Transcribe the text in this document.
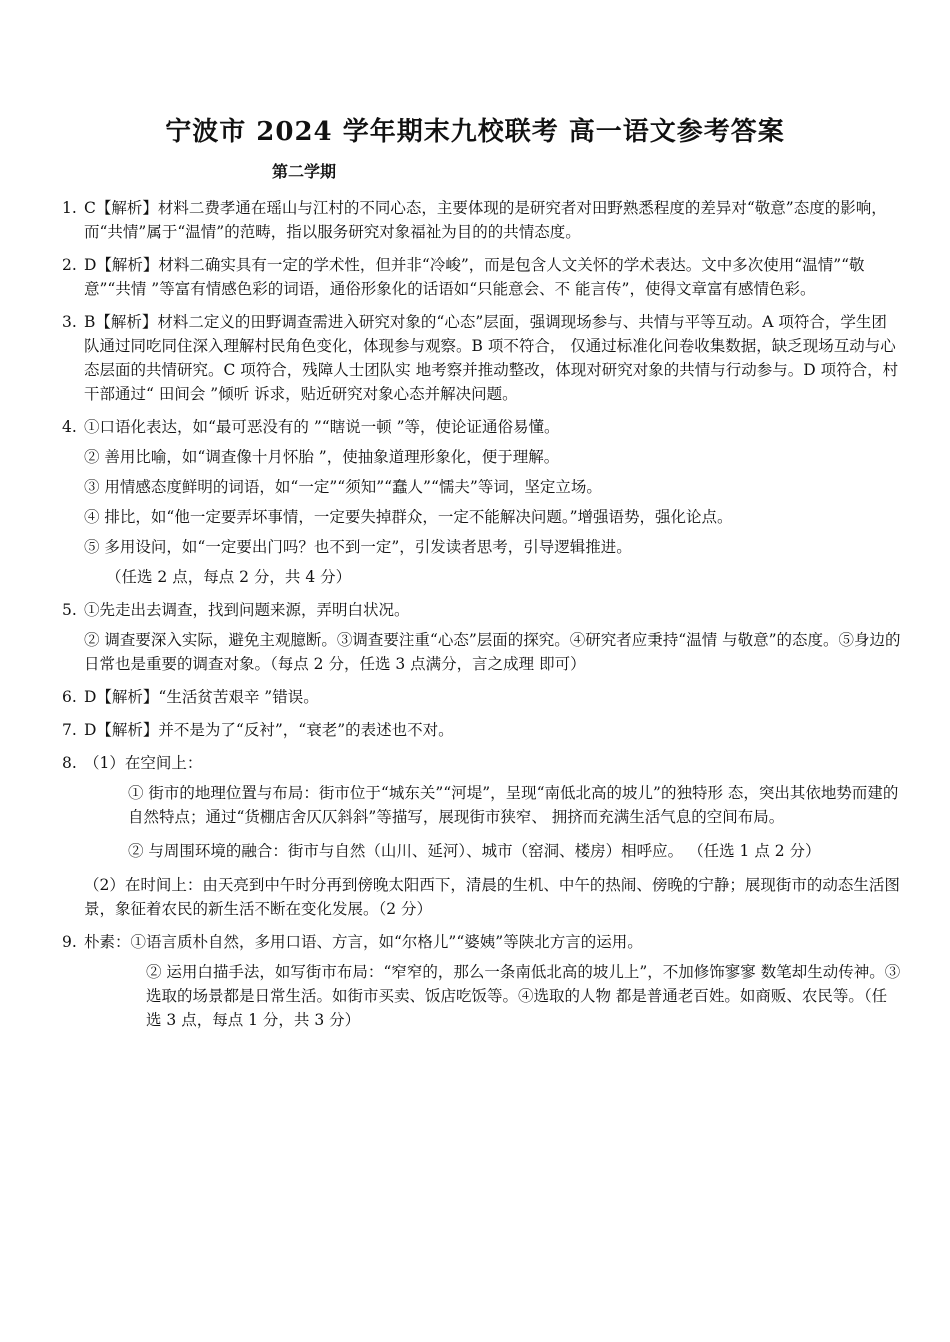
宁波市 2024 学年期末九校联考 高一语文参考答案
第二学期
1. C【解析】材料二费孝通在瑶山与江村的不同心态，主要体现的是研究者对田野熟悉程度的差异对“敬意”态度的影响，而“共情”属于“温情”的范畴，指以服务研究对象福祉为目的的共情态度。
2. D【解析】材料二确实具有一定的学术性，但并非“冷峻”，而是包含人文关怀的学术表达。文中多次使用“温情”“敬意”“共情 ”等富有情感色彩的词语，通俗形象化的话语如“只能意会、不 能言传”，使得文章富有感情色彩。
3. B【解析】材料二定义的田野调查需进入研究对象的“心态”层面，强调现场参与、共情与平等互动。A 项符合，学生团队通过同吃同住深入理解村民角色变化，体现参与观察。B 项不符合， 仅通过标准化问卷收集数据，缺乏现场互动与心态层面的共情研究。C 项符合，残障人士团队实 地考察并推动整改，体现对研究对象的共情与行动参与。D 项符合，村干部通过“ 田间会 ”倾听 诉求，贴近研究对象心态并解决问题。
4. ①口语化表达，如“最可恶没有的 ”“瞎说一顿 ”等，使论证通俗易懂。
② 善用比喻，如“调查像十月怀胎 ”，使抽象道理形象化，便于理解。
③ 用情感态度鲜明的词语，如“一定”“须知”“蠢人”“懦夫”等词，坚定立场。
④ 排比，如“他一定要弄坏事情，一定要失掉群众，一定不能解决问题。”增强语势，强化论点。
⑤ 多用设问，如“一定要出门吗？也不到一定”，引发读者思考，引导逻辑推进。
（任选 2 点，每点 2 分，共 4 分）
5. ①先走出去调查，找到问题来源，弄明白状况。
② 调查要深入实际，避免主观臆断。③调查要注重“心态”层面的探究。④研究者应秉持“温情 与敬意”的态度。⑤身边的日常也是重要的调查对象。（每点 2 分，任选 3 点满分，言之成理 即可）
6. D【解析】“生活贫苦艰辛 ”错误。
7. D【解析】并不是为了“反衬”，“衰老”的表述也不对。
8. （1）在空间上：
① 街市的地理位置与布局：街市位于“城东关”“河堤”，呈现“南低北高的坡儿”的独特形 态，突出其依地势而建的自然特点；通过“货棚店舍仄仄斜斜”等描写，展现街市狭窄、 拥挤而充满生活气息的空间布局。
② 与周围环境的融合：街市与自然（山川、延河）、城市（窑洞、楼房）相呼应。 （任选 1 点 2 分）
（2）在时间上：由天亮到中午时分再到傍晚太阳西下，清晨的生机、中午的热闹、傍晚的宁静；展现街市的动态生活图景，象征着农民的新生活不断在变化发展。（2 分）
9. 朴素：①语言质朴自然，多用口语、方言，如“尔格儿”“婆姨”等陕北方言的运用。
② 运用白描手法，如写街市布局：“窄窄的，那么一条南低北高的坡儿上”，不加修饰寥寥 数笔却生动传神。③选取的场景都是日常生活。如街市买卖、饭店吃饭等。④选取的人物 都是普通老百姓。如商贩、农民等。（任选 3 点，每点 1 分，共 3 分）
